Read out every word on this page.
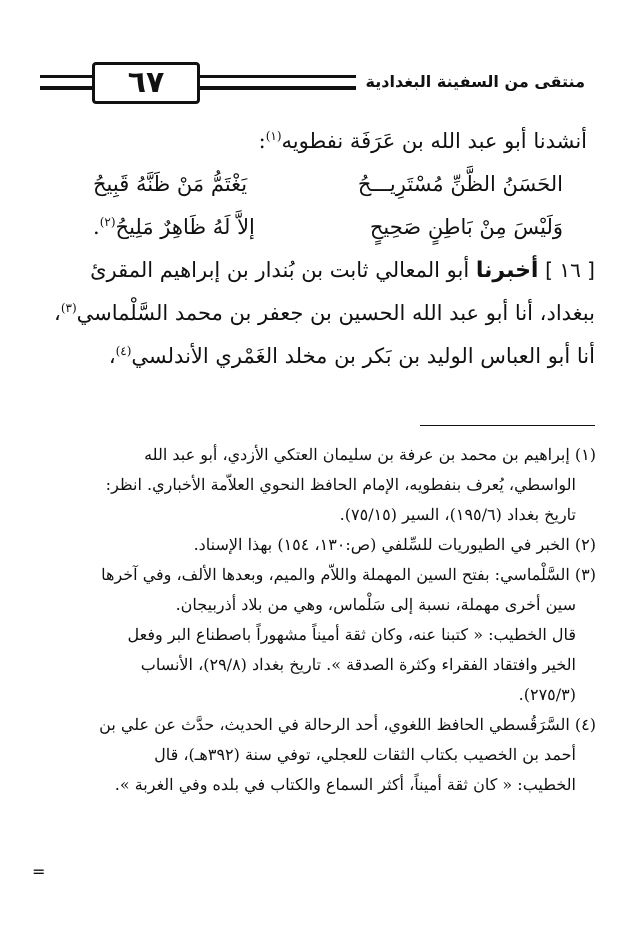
٦٧	منتقى من السفينة البغدادية
أنشدنا أبو عبد الله بن عَرَفَة نفطويه$^{(١)}$:
الحَسَنُ الظَّنِّ مُسْتَرِيـــحُ
يَغْتَمُّ مَنْ ظَنَّهُ قَبِيحُ
وَلَيْسَ مِنْ بَاطِنٍ صَحِيحٍ
إلاَّ لَهُ ظَاهِرٌ مَلِيحُ$^{(٢)}$.
[ ١٦ ] أخبرنا أبو المعالي ثابت بن بُندار بن إبراهيم المقرئ
ببغداد، أنا أبو عبد الله الحسين بن جعفر بن محمد السَّلْماسي$^{(٣)}$،
أنا أبو العباس الوليد بن بَكر بن مخلد الغَمْري الأندلسي$^{(٤)}$،
(١) إبراهيم بن محمد بن عرفة بن سليمان العتكي الأزدي، أبو عبد الله
الواسطي، يُعرف بنفطويه، الإمام الحافظ النحوي العلاّمة الأخباري. انظر:
تاريخ بغداد (١٩٥/٦)، السير (٧٥/١٥).
(٢) الخبر في الطيوريات للسِّلفي (ص:١٣٠، ١٥٤) بهذا الإسناد.
(٣) السَّلْماسي: بفتح السين المهملة واللاّم والميم، وبعدها الألف، وفي آخرها
سين أخرى مهملة، نسبة إلى سَلْماس، وهي من بلاد أذربيجان.
قال الخطيب: « كتبنا عنه، وكان ثقة أميناً مشهوراً باصطناع البر وفعل
الخير وافتقاد الفقراء وكثرة الصدقة ». تاريخ بغداد (٢٩/٨)، الأنساب
(٢٧٥/٣).
(٤) السَّرَقُسطي الحافظ اللغوي، أحد الرحالة في الحديث، حدَّث عن علي بن
أحمد بن الخصيب بكتاب الثقات للعجلي، توفي سنة (٣٩٢هـ)، قال
الخطيب: « كان ثقة أميناً، أكثر السماع والكتاب في بلده وفي الغربة ».
=
